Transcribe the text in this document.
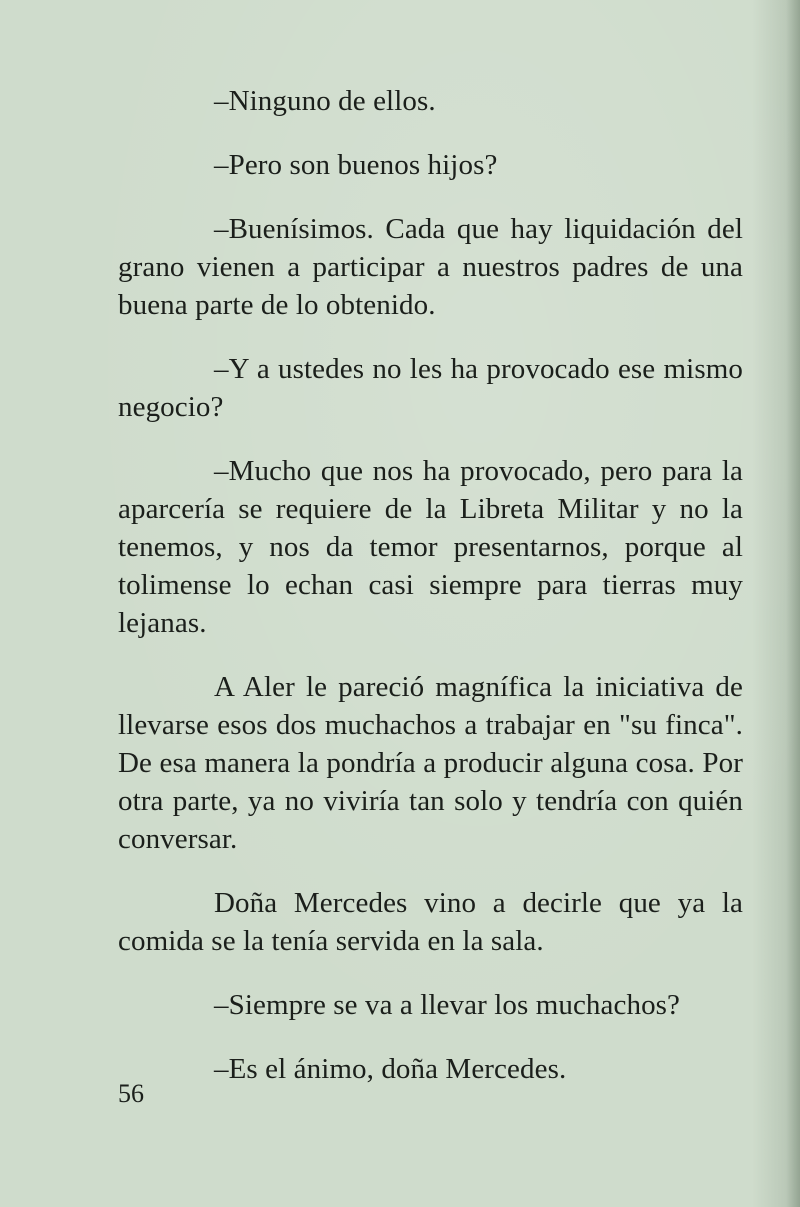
–Ninguno de ellos.

–Pero son buenos hijos?

–Buenísimos. Cada que hay liquidación del grano vienen a participar a nuestros padres de una buena parte de lo obtenido.

–Y a ustedes no les ha provocado ese mismo negocio?

–Mucho que nos ha provocado, pero para la aparcería se requiere de la Libreta Militar y no la tenemos, y nos da temor presentarnos, porque al tolimense lo echan casi siempre para tierras muy lejanas.

A Aler le pareció magnífica la iniciativa de llevarse esos dos muchachos a trabajar en "su finca". De esa manera la pondría a producir alguna cosa. Por otra parte, ya no viviría tan solo y tendría con quién conversar.

Doña Mercedes vino a decirle que ya la comida se la tenía servida en la sala.

–Siempre se va a llevar los muchachos?

–Es el ánimo, doña Mercedes.

56
